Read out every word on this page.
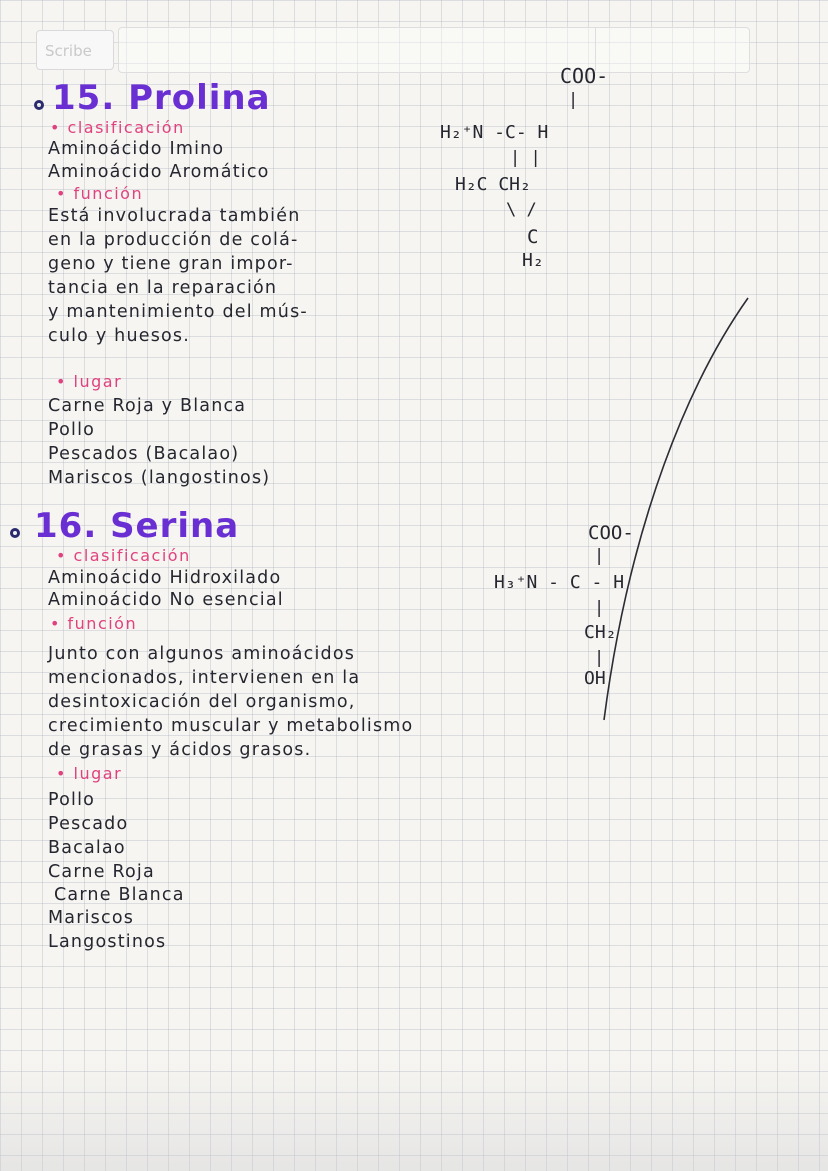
Scribe
15. Prolina
• clasificación
Aminoácido Imino
Aminoácido Aromático
• función
Está involucrada también
en la producción de colá-
geno y tiene gran impor-
tancia en la reparación
y mantenimiento del mús-
culo y huesos.
• lugar
Carne Roja y Blanca
Pollo
Pescados (Bacalao)
Mariscos (langostinos)
COO-
|
H₂⁺N -C- H
| |
H₂C CH₂
\ /
C
H₂
16. Serina
• clasificación
Aminoácido Hidroxilado
Aminoácido No esencial
• función
Junto con algunos aminoácidos
mencionados, intervienen en la
desintoxicación del organismo,
crecimiento muscular y metabolismo
de grasas y ácidos grasos.
• lugar
Pollo
Pescado
Bacalao
Carne Roja
Carne Blanca
Mariscos
Langostinos
COO-
|
H₃⁺N - C - H
|
CH₂
|
OH
